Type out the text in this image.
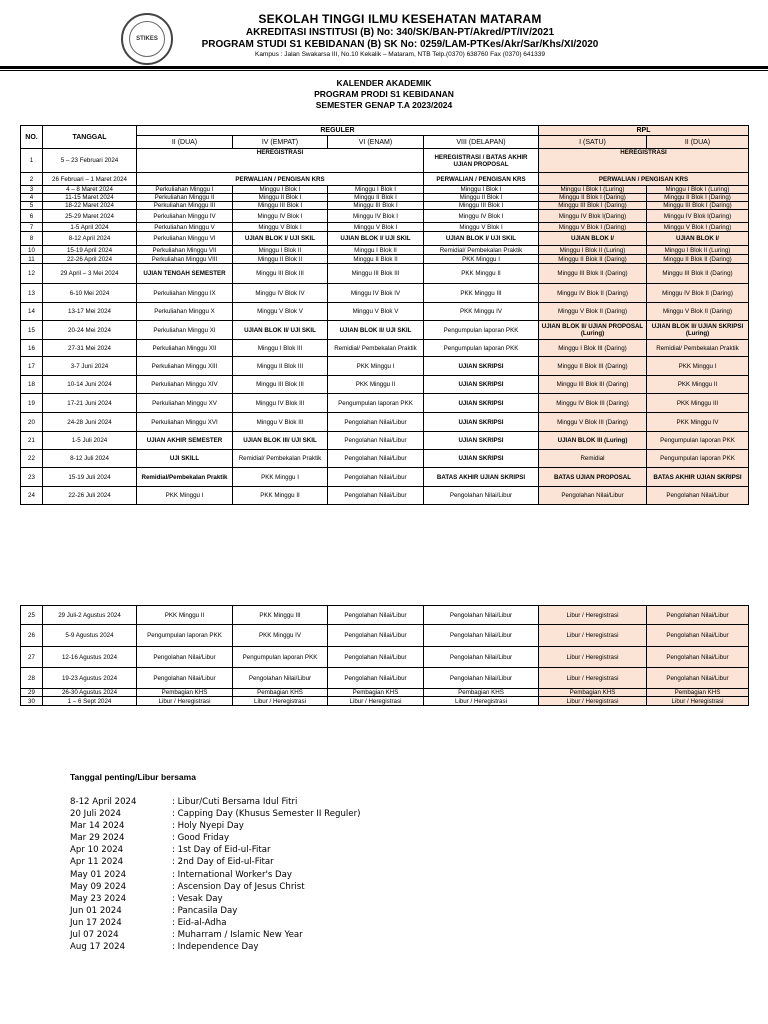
STIKES
SEKOLAH TINGGI ILMU KESEHATAN MATARAM
AKREDITASI INSTITUSI (B) No: 340/SK/BAN-PT/Akred/PT/IV/2021
PROGRAM STUDI S1 KEBIDANAN (B) SK No: 0259/LAM-PTKes/Akr/Sar/Khs/XI/2020
Kampus : Jalan Swakarsa III, No.10 Kekalik – Mataram, NTB Telp.(0370) 638760 Fax (0370) 641339
KALENDER AKADEMIK
PROGRAM PRODI S1 KEBIDANAN
SEMESTER GENAP T.A 2023/2024
NO.	TANGGAL	REGULER				RPL	
		II (DUA)	IV (EMPAT)	VI (ENAM)	VIII (DELAPAN)	I (SATU)	II (DUA)
1	5 – 23 Februari 2024	HEREGISTRASI			HEREGISTRASI / BATAS AKHIR UJIAN PROPOSAL	HEREGISTRASI	
2	26 Februari – 1 Maret 2024	PERWALIAN / PENGISAN KRS			PERWALIAN / PENGISAN KRS	PERWALIAN / PENGISAN KRS	
3	4 – 8 Maret 2024	Perkuliahan Minggu I	Minggu I Blok I	Minggu I Blok I	Minggu I Blok I	Minggu I Blok I (Luring)	Minggu I Blok I (Luring)
4	11-15 Maret 2024	Perkuliahan Minggu II	Minggu II Blok I	Minggu II Blok I	Minggu II Blok I	Minggu II Blok I (Daring)	Minggu II Blok I (Daring)
5	18-22 Maret 2024	Perkuliahan Minggu III	Minggu III Blok I	Minggu III Blok I	Minggu III Blok I	Minggu III Blok I (Daring)	Minggu III Blok I (Daring)
6	25-29 Maret 2024	Perkuliahan Minggu IV	Minggu IV Blok I	Minggu IV Blok I	Minggu IV Blok I	Minggu IV Blok I(Daring)	Minggu IV Blok I(Daring)
7	1-5 April 2024	Perkuliahan Minggu V	Minggu V Blok I	Minggu V Blok I	Minggu V Blok I	Minggu V Blok I (Daring)	Minggu V Blok I (Daring)
8	8-12 April 2024	Perkuliahan Minggu VI	UJIAN BLOK I/ UJI SKIL	UJIAN BLOK I/ UJI SKIL	UJIAN BLOK I/ UJI SKIL	UJIAN BLOK I/	UJIAN BLOK I/
10	15-19 April 2024	Perkuliahan Minggu VII	Minggu I Blok II	Minggu I Blok II	Remidial/ Pembekalan Praktik	Minggu I Blok II (Luring)	Minggu I Blok II (Luring)
11	22-26 April 2024	Perkuliahan Minggu VIII	Minggu II Blok II	Minggu II Blok II	PKK Minggu I	Minggu II Blok II (Daring)	Minggu II Blok II (Daring)
12	29 April – 3 Mei 2024	UJIAN TENGAH SEMESTER	Minggu III Blok III	Minggu III Blok III	PKK Minggu II	Minggu III Blok II (Daring)	Minggu III Blok II (Daring)
13	6-10 Mei 2024	Perkuliahan Minggu IX	Minggu IV Blok IV	Minggu IV Blok IV	PKK Minggu III	Minggu IV Blok II (Daring)	Minggu IV Blok II (Daring)
14	13-17 Mei 2024	Perkuliahan Minggu X	Minggu V Blok V	Minggu V Blok V	PKK Minggu IV	Minggu V Blok II (Daring)	Minggu V Blok II (Daring)
15	20-24 Mei 2024	Perkuliahan Minggu XI	UJIAN BLOK II/ UJI SKIL	UJIAN BLOK II/ UJI SKIL	Pengumpulan laporan PKK	UJIAN BLOK II/ UJIAN PROPOSAL (Luring)	UJIAN BLOK II/ UJIAN SKRIPSI (Luring)
16	27-31 Mei 2024	Perkuliahan Minggu XII	Minggu I Blok III	Remidial/ Pembekalan Praktik	Pengumpulan laporan PKK	Minggu I Blok III (Daring)	Remidial/ Pembekalan Praktik
17	3-7 Juni 2024	Perkuliahan Minggu XIII	Minggu II Blok III	PKK Minggu I	UJIAN SKRIPSI	Minggu II Blok III (Daring)	PKK Minggu I
18	10-14 Juni 2024	Perkuliahan Minggu XIV	Minggu III Blok III	PKK Minggu II	UJIAN SKRIPSI	Minggu III Blok III (Daring)	PKK Minggu II
19	17-21 Juni 2024	Perkuliahan Minggu XV	Minggu IV Blok III	Pengumpulan laporan PKK	UJIAN SKRIPSI	Minggu IV Blok III (Daring)	PKK Minggu III
20	24-28 Juni 2024	Perkuliahan Minggu XVI	Minggu V Blok III	Pengolahan Nilai/Libur	UJIAN SKRIPSI	Minggu V Blok III (Daring)	PKK Minggu IV
21	1-5 Juli 2024	UJIAN AKHIR SEMESTER	UJIAN BLOK III/ UJI SKIL	Pengolahan Nilai/Libur	UJIAN SKRIPSI	UJIAN BLOK III (Luring)	Pengumpulan laporan PKK
22	8-12 Juli 2024	UJI SKILL	Remidial/ Pembekalan Praktik	Pengolahan Nilai/Libur	UJIAN SKRIPSI	Remidial	Pengumpulan laporan PKK
23	15-19 Juli 2024	Remidial/Pembekalan Praktik	PKK Minggu I	Pengolahan Nilai/Libur	BATAS AKHIR UJIAN SKRIPSI	BATAS UJIAN PROPOSAL	BATAS AKHIR UJIAN SKRIPSI
24	22-26 Juli 2024	PKK Minggu I	PKK Minggu II	Pengolahan Nilai/Libur	Pengolahan Nilai/Libur	Pengolahan Nilai/Libur	Pengolahan Nilai/Libur
25	29 Juli-2 Agustus 2024	PKK Minggu II	PKK Minggu III	Pengolahan Nilai/Libur	Pengolahan Nilai/Libur	Libur / Heregistrasi	Pengolahan Nilai/Libur
26	5-9 Agustus 2024	Pengumpulan laporan PKK	PKK Minggu IV	Pengolahan Nilai/Libur	Pengolahan Nilai/Libur	Libur / Heregistrasi	Pengolahan Nilai/Libur
27	12-16 Agustus 2024	Pengolahan Nilai/Libur	Pengumpulan laporan PKK	Pengolahan Nilai/Libur	Pengolahan Nilai/Libur	Libur / Heregistrasi	Pengolahan Nilai/Libur
28	19-23 Agustus 2024	Pengolahan Nilai/Libur	Pengolahan Nilai/Libur	Pengolahan Nilai/Libur	Pengolahan Nilai/Libur	Libur / Heregistrasi	Pengolahan Nilai/Libur
29	26-30 Agustus 2024	Pembagian KHS	Pembagian KHS	Pembagian KHS	Pembagian KHS	Pembagian KHS	Pembagian KHS
30	1 – 6 Sept 2024	Libur / Heregistrasi	Libur / Heregistrasi	Libur / Heregistrasi	Libur / Heregistrasi	Libur / Heregistrasi	Libur / Heregistrasi
Tanggal penting/Libur bersama
8-12 April 2024	: Libur/Cuti Bersama Idul Fitri
20 Juli 2024	: Capping Day (Khusus Semester II Reguler)
Mar 14 2024	: Holy Nyepi Day
Mar 29 2024	: Good Friday
Apr 10 2024	: 1st Day of Eid-ul-Fitar
Apr 11 2024	: 2nd Day of Eid-ul-Fitar
May 01 2024	: International Worker's Day
May 09 2024	: Ascension Day of Jesus Christ
May 23 2024	: Vesak Day
Jun 01 2024	: Pancasila Day
Jun 17 2024	: Eid-al-Adha
Jul 07 2024	: Muharram / Islamic New Year
Aug 17 2024	: Independence Day
